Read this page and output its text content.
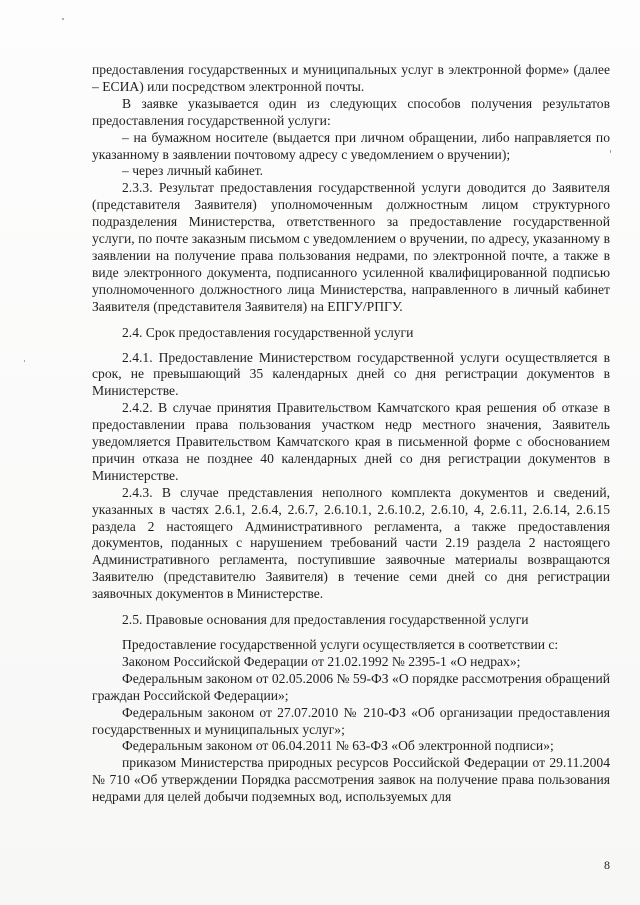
предоставления государственных и муниципальных услуг в электронной форме» (далее – ЕСИА) или посредством электронной почты.

В заявке указывается один из следующих способов получения результатов предоставления государственной услуги:

– на бумажном носителе (выдается при личном обращении, либо направляется по указанному в заявлении почтовому адресу с уведомлением о вручении);

– через личный кабинет.

2.3.3. Результат предоставления государственной услуги доводится до Заявителя (представителя Заявителя) уполномоченным должностным лицом структурного подразделения Министерства, ответственного за предоставление государственной услуги, по почте заказным письмом с уведомлением о вручении, по адресу, указанному в заявлении на получение права пользования недрами, по электронной почте, а также в виде электронного документа, подписанного усиленной квалифицированной подписью уполномоченного должностного лица Министерства, направленного в личный кабинет Заявителя (представителя Заявителя) на ЕПГУ/РПГУ.

2.4. Срок предоставления государственной услуги

2.4.1. Предоставление Министерством государственной услуги осуществляется в срок, не превышающий 35 календарных дней со дня регистрации документов в Министерстве.

2.4.2. В случае принятия Правительством Камчатского края решения об отказе в предоставлении права пользования участком недр местного значения, Заявитель уведомляется Правительством Камчатского края в письменной форме с обоснованием причин отказа не позднее 40 календарных дней со дня регистрации документов в Министерстве.

2.4.3. В случае представления неполного комплекта документов и сведений, указанных в частях 2.6.1, 2.6.4, 2.6.7, 2.6.10.1, 2.6.10.2, 2.6.10, 4, 2.6.11, 2.6.14, 2.6.15 раздела 2 настоящего Административного регламента, а также предоставления документов, поданных с нарушением требований части 2.19 раздела 2 настоящего Административного регламента, поступившие заявочные материалы возвращаются Заявителю (представителю Заявителя) в течение семи дней со дня регистрации заявочных документов в Министерстве.

2.5. Правовые основания для предоставления государственной услуги

Предоставление государственной услуги осуществляется в соответствии с:

Законом Российской Федерации от 21.02.1992 № 2395-1 «О недрах»;

Федеральным законом от 02.05.2006 № 59-ФЗ «О порядке рассмотрения обращений граждан Российской Федерации»;

Федеральным законом от 27.07.2010 № 210-ФЗ «Об организации предоставления государственных и муниципальных услуг»;

Федеральным законом от 06.04.2011 № 63-ФЗ «Об электронной подписи»;

приказом Министерства природных ресурсов Российской Федерации от 29.11.2004 № 710 «Об утверждении Порядка рассмотрения заявок на получение права пользования недрами для целей добычи подземных вод, используемых для

8
